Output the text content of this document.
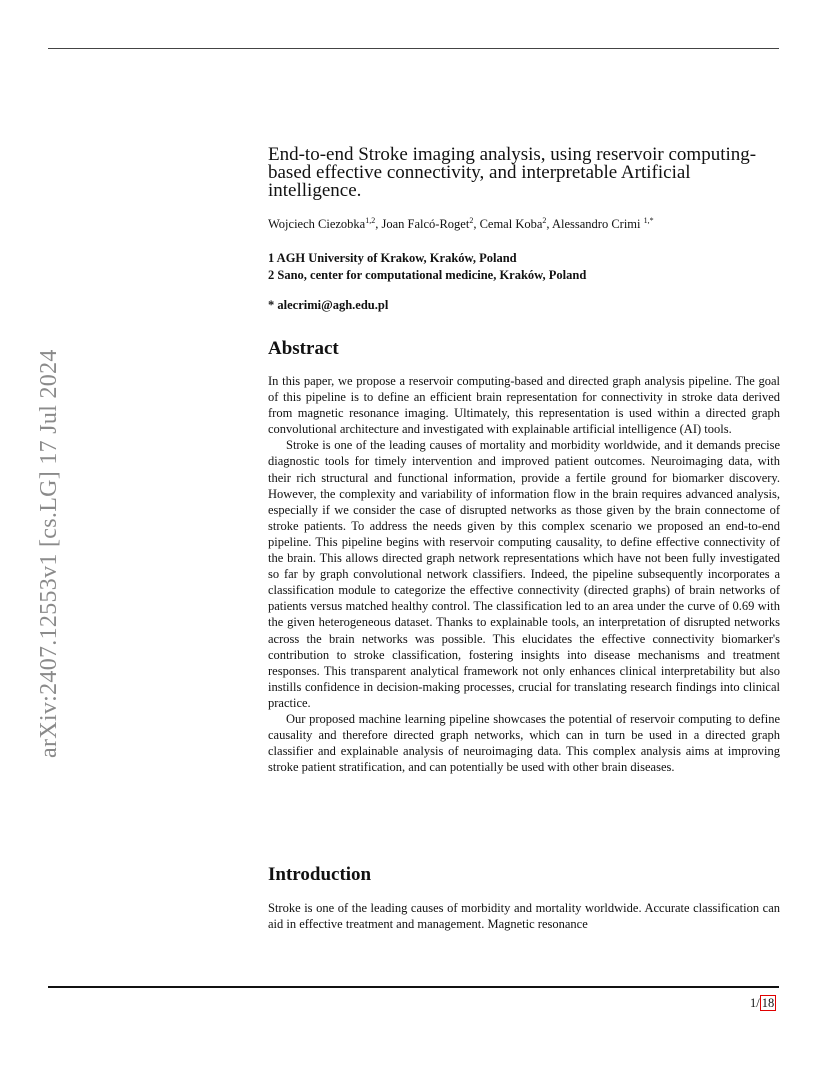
arXiv:2407.12553v1 [cs.LG] 17 Jul 2024
End-to-end Stroke imaging analysis, using reservoir computing-based effective connectivity, and interpretable Artificial intelligence.
Wojciech Ciezobka$^{1,2}$, Joan Falcó-Roget$^2$, Cemal Koba$^2$, Alessandro Crimi $^{1,*}$
1 AGH University of Krakow, Kraków, Poland
2 Sano, center for computational medicine, Kraków, Poland
* alecrimi@agh.edu.pl
Abstract

In this paper, we propose a reservoir computing-based and directed graph analysis pipeline. The goal of this pipeline is to define an efficient brain representation for connectivity in stroke data derived from magnetic resonance imaging. Ultimately, this representation is used within a directed graph convolutional architecture and investigated with explainable artificial intelligence (AI) tools.

Stroke is one of the leading causes of mortality and morbidity worldwide, and it demands precise diagnostic tools for timely intervention and improved patient outcomes. Neuroimaging data, with their rich structural and functional information, provide a fertile ground for biomarker discovery. However, the complexity and variability of information flow in the brain requires advanced analysis, especially if we consider the case of disrupted networks as those given by the brain connectome of stroke patients. To address the needs given by this complex scenario we proposed an end-to-end pipeline. This pipeline begins with reservoir computing causality, to define effective connectivity of the brain. This allows directed graph network representations which have not been fully investigated so far by graph convolutional network classifiers. Indeed, the pipeline subsequently incorporates a classification module to categorize the effective connectivity (directed graphs) of brain networks of patients versus matched healthy control. The classification led to an area under the curve of 0.69 with the given heterogeneous dataset. Thanks to explainable tools, an interpretation of disrupted networks across the brain networks was possible. This elucidates the effective connectivity biomarker's contribution to stroke classification, fostering insights into disease mechanisms and treatment responses. This transparent analytical framework not only enhances clinical interpretability but also instills confidence in decision-making processes, crucial for translating research findings into clinical practice.

Our proposed machine learning pipeline showcases the potential of reservoir computing to define causality and therefore directed graph networks, which can in turn be used in a directed graph classifier and explainable analysis of neuroimaging data. This complex analysis aims at improving stroke patient stratification, and can potentially be used with other brain diseases.

Introduction

Stroke is one of the leading causes of morbidity and mortality worldwide. Accurate classification can aid in effective treatment and management. Magnetic resonance

1/ 18
